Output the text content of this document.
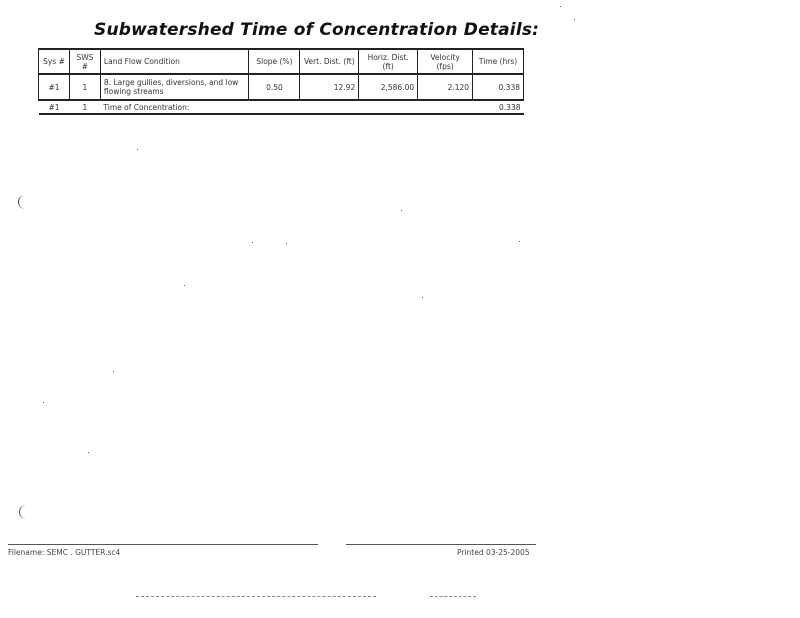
Subwatershed Time of Concentration Details:
Sys #	SWS #	Land Flow Condition	Slope (%)	Vert. Dist. (ft)	Horiz. Dist. (ft)	Velocity (fps)	Time (hrs)
#1	1	8. Large gullies, diversions, and low flowing streams	0.50	12.92	2,586.00	2.120	0.338
#1	1	Time of Concentration:					0.338
Filename: SEMC . GUTTER.sc4	Printed 03-25-2005
